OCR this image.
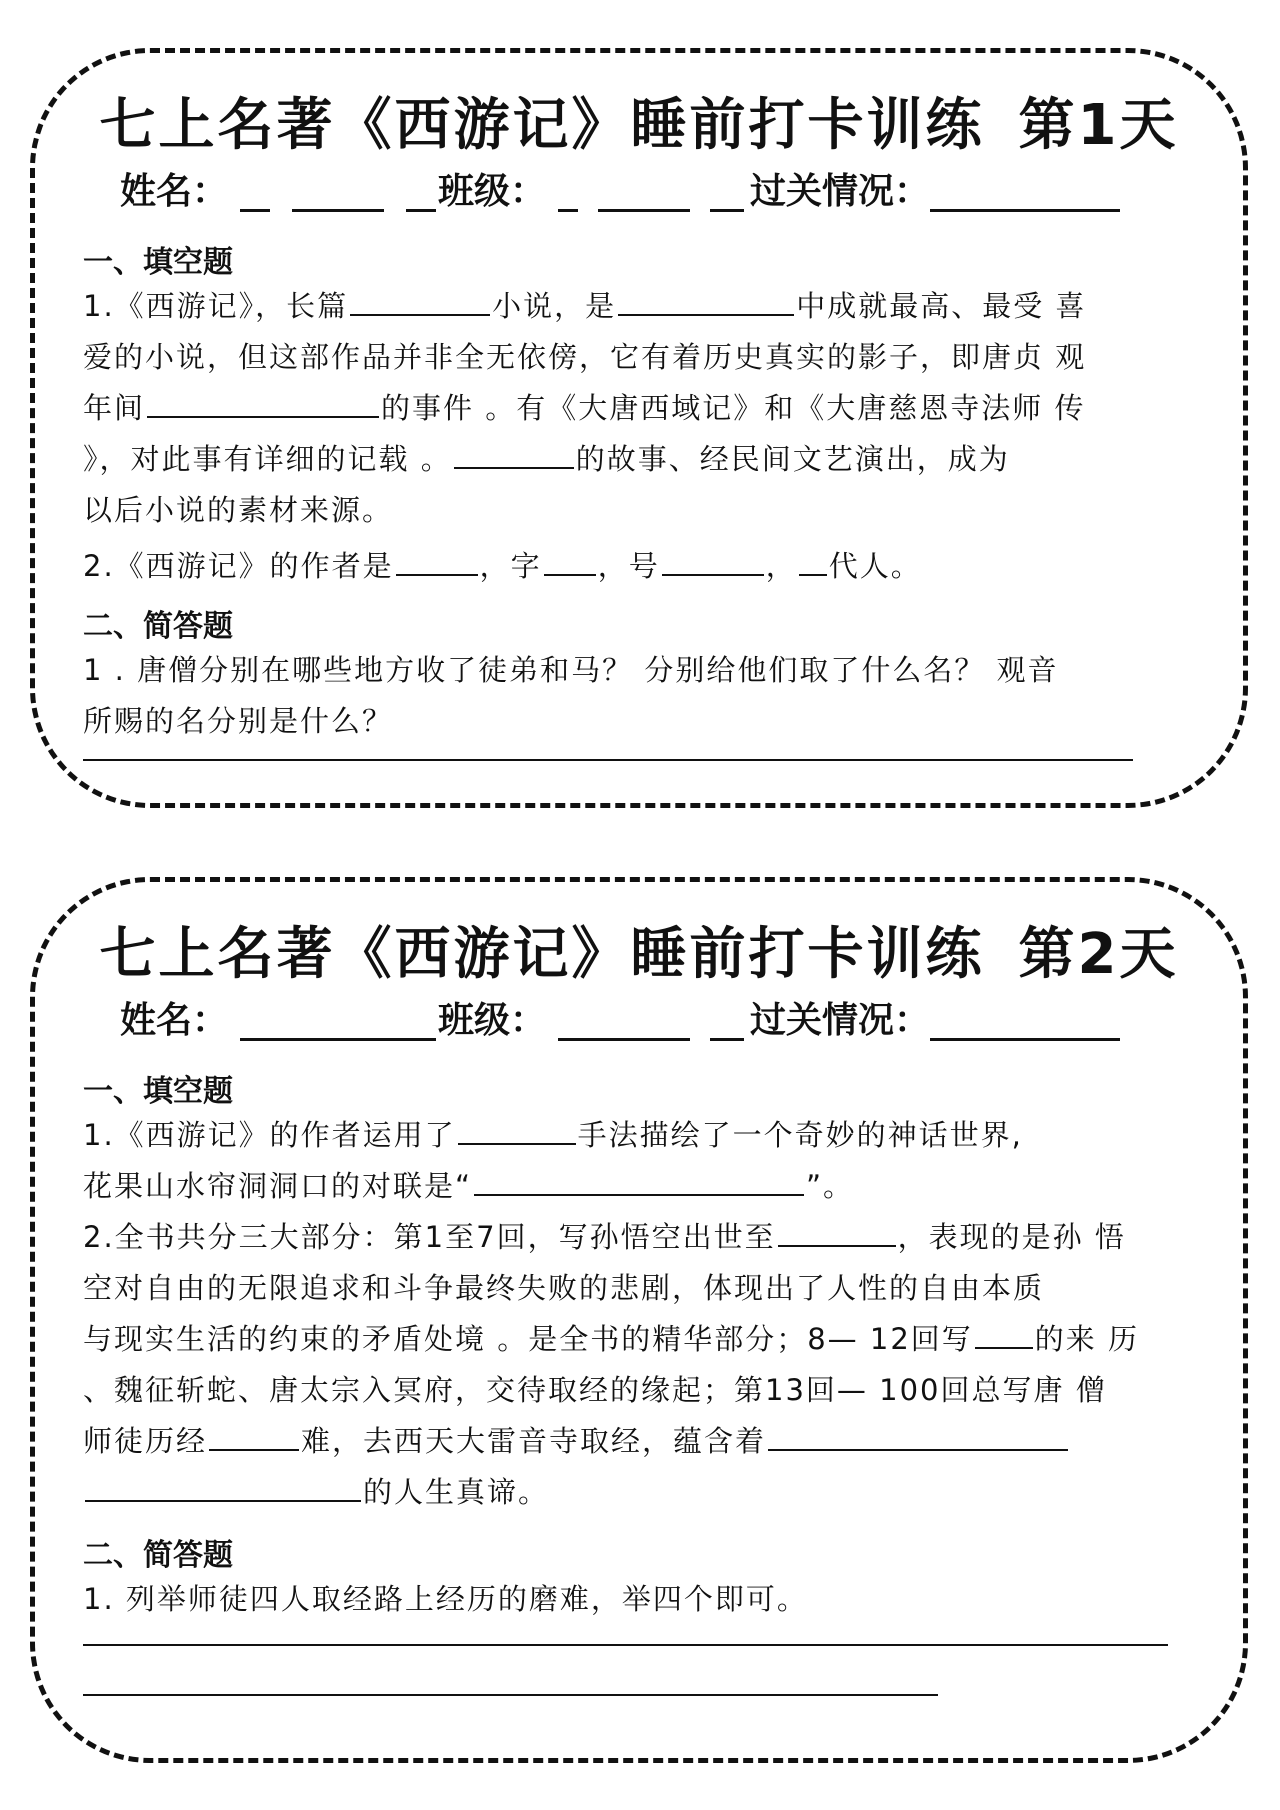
七上名著《西游记》睡前打卡训练 第1天
姓名：	班级：	过关情况：
一、填空题
1.《西游记》，长篇	小说，是	中成就最高、最受 喜
爱的小说，但这部作品并非全无依傍，它有着历史真实的影子，即唐贞 观
年间	的事件 。有《大唐西域记》和《大唐慈恩寺法师 传
》，对此事有详细的记载 。	的故事、经民间文艺演出，成为
以后小说的素材来源。
2.《西游记》的作者是	，字 ，号	， 代人。
二、简答题
1 . 唐僧分别在哪些地方收了徒弟和马？ 分别给他们取了什么名？ 观音
所赐的名分别是什么？
七上名著《西游记》睡前打卡训练 第2天
姓名：	班级：	过关情况：
一、填空题
1.《西游记》的作者运用了	手法描绘了一个奇妙的神话世界,
花果山水帘洞洞口的对联是“	”。
2.全书共分三大部分：第1至7回，写孙悟空出世至	，表现的是孙 悟
空对自由的无限追求和斗争最终失败的悲剧，体现出了人性的自由本质
与现实生活的约束的矛盾处境 。是全书的精华部分；8— 12回写 的来 历
、魏征斩蛇、唐太宗入冥府，交待取经的缘起；第13回— 100回总写唐 僧
师徒历经	难，去西天大雷音寺取经，蕴含着
的人生真谛。
二、简答题
1. 列举师徒四人取经路上经历的磨难，举四个即可。
